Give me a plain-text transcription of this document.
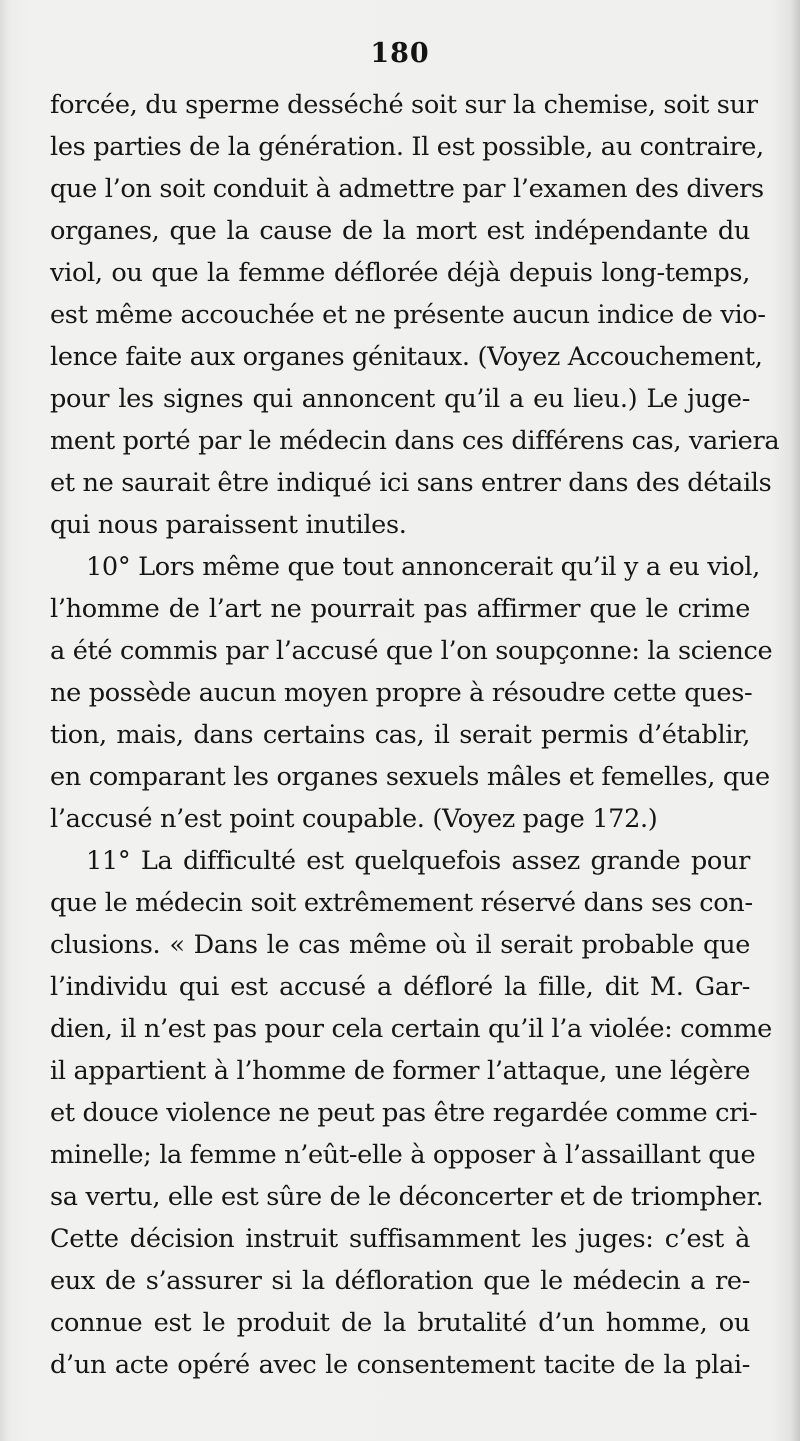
180
forcée, du sperme desséché soit sur la chemise, soit sur
les parties de la génération. Il est possible, au contraire,
que l’on soit conduit à admettre par l’examen des divers
organes, que la cause de la mort est indépendante du
viol, ou que la femme déflorée déjà depuis long-temps,
est même accouchée et ne présente aucun indice de vio-
lence faite aux organes génitaux. (Voyez Accouchement,
pour les signes qui annoncent qu’il a eu lieu.) Le juge-
ment porté par le médecin dans ces différens cas, variera
et ne saurait être indiqué ici sans entrer dans des détails
qui nous paraissent inutiles.
10° Lors même que tout annoncerait qu’il y a eu viol,
l’homme de l’art ne pourrait pas affirmer que le crime
a été commis par l’accusé que l’on soupçonne: la science
ne possède aucun moyen propre à résoudre cette ques-
tion, mais, dans certains cas, il serait permis d’établir,
en comparant les organes sexuels mâles et femelles, que
l’accusé n’est point coupable. (Voyez page 172.)
11° La difficulté est quelquefois assez grande pour
que le médecin soit extrêmement réservé dans ses con-
clusions. « Dans le cas même où il serait probable que
l’individu qui est accusé a défloré la fille, dit M. Gar-
dien, il n’est pas pour cela certain qu’il l’a violée: comme
il appartient à l’homme de former l’attaque, une légère
et douce violence ne peut pas être regardée comme cri-
minelle; la femme n’eût-elle à opposer à l’assaillant que
sa vertu, elle est sûre de le déconcerter et de triompher.
Cette décision instruit suffisamment les juges: c’est à
eux de s’assurer si la défloration que le médecin a re-
connue est le produit de la brutalité d’un homme, ou
d’un acte opéré avec le consentement tacite de la plai-
